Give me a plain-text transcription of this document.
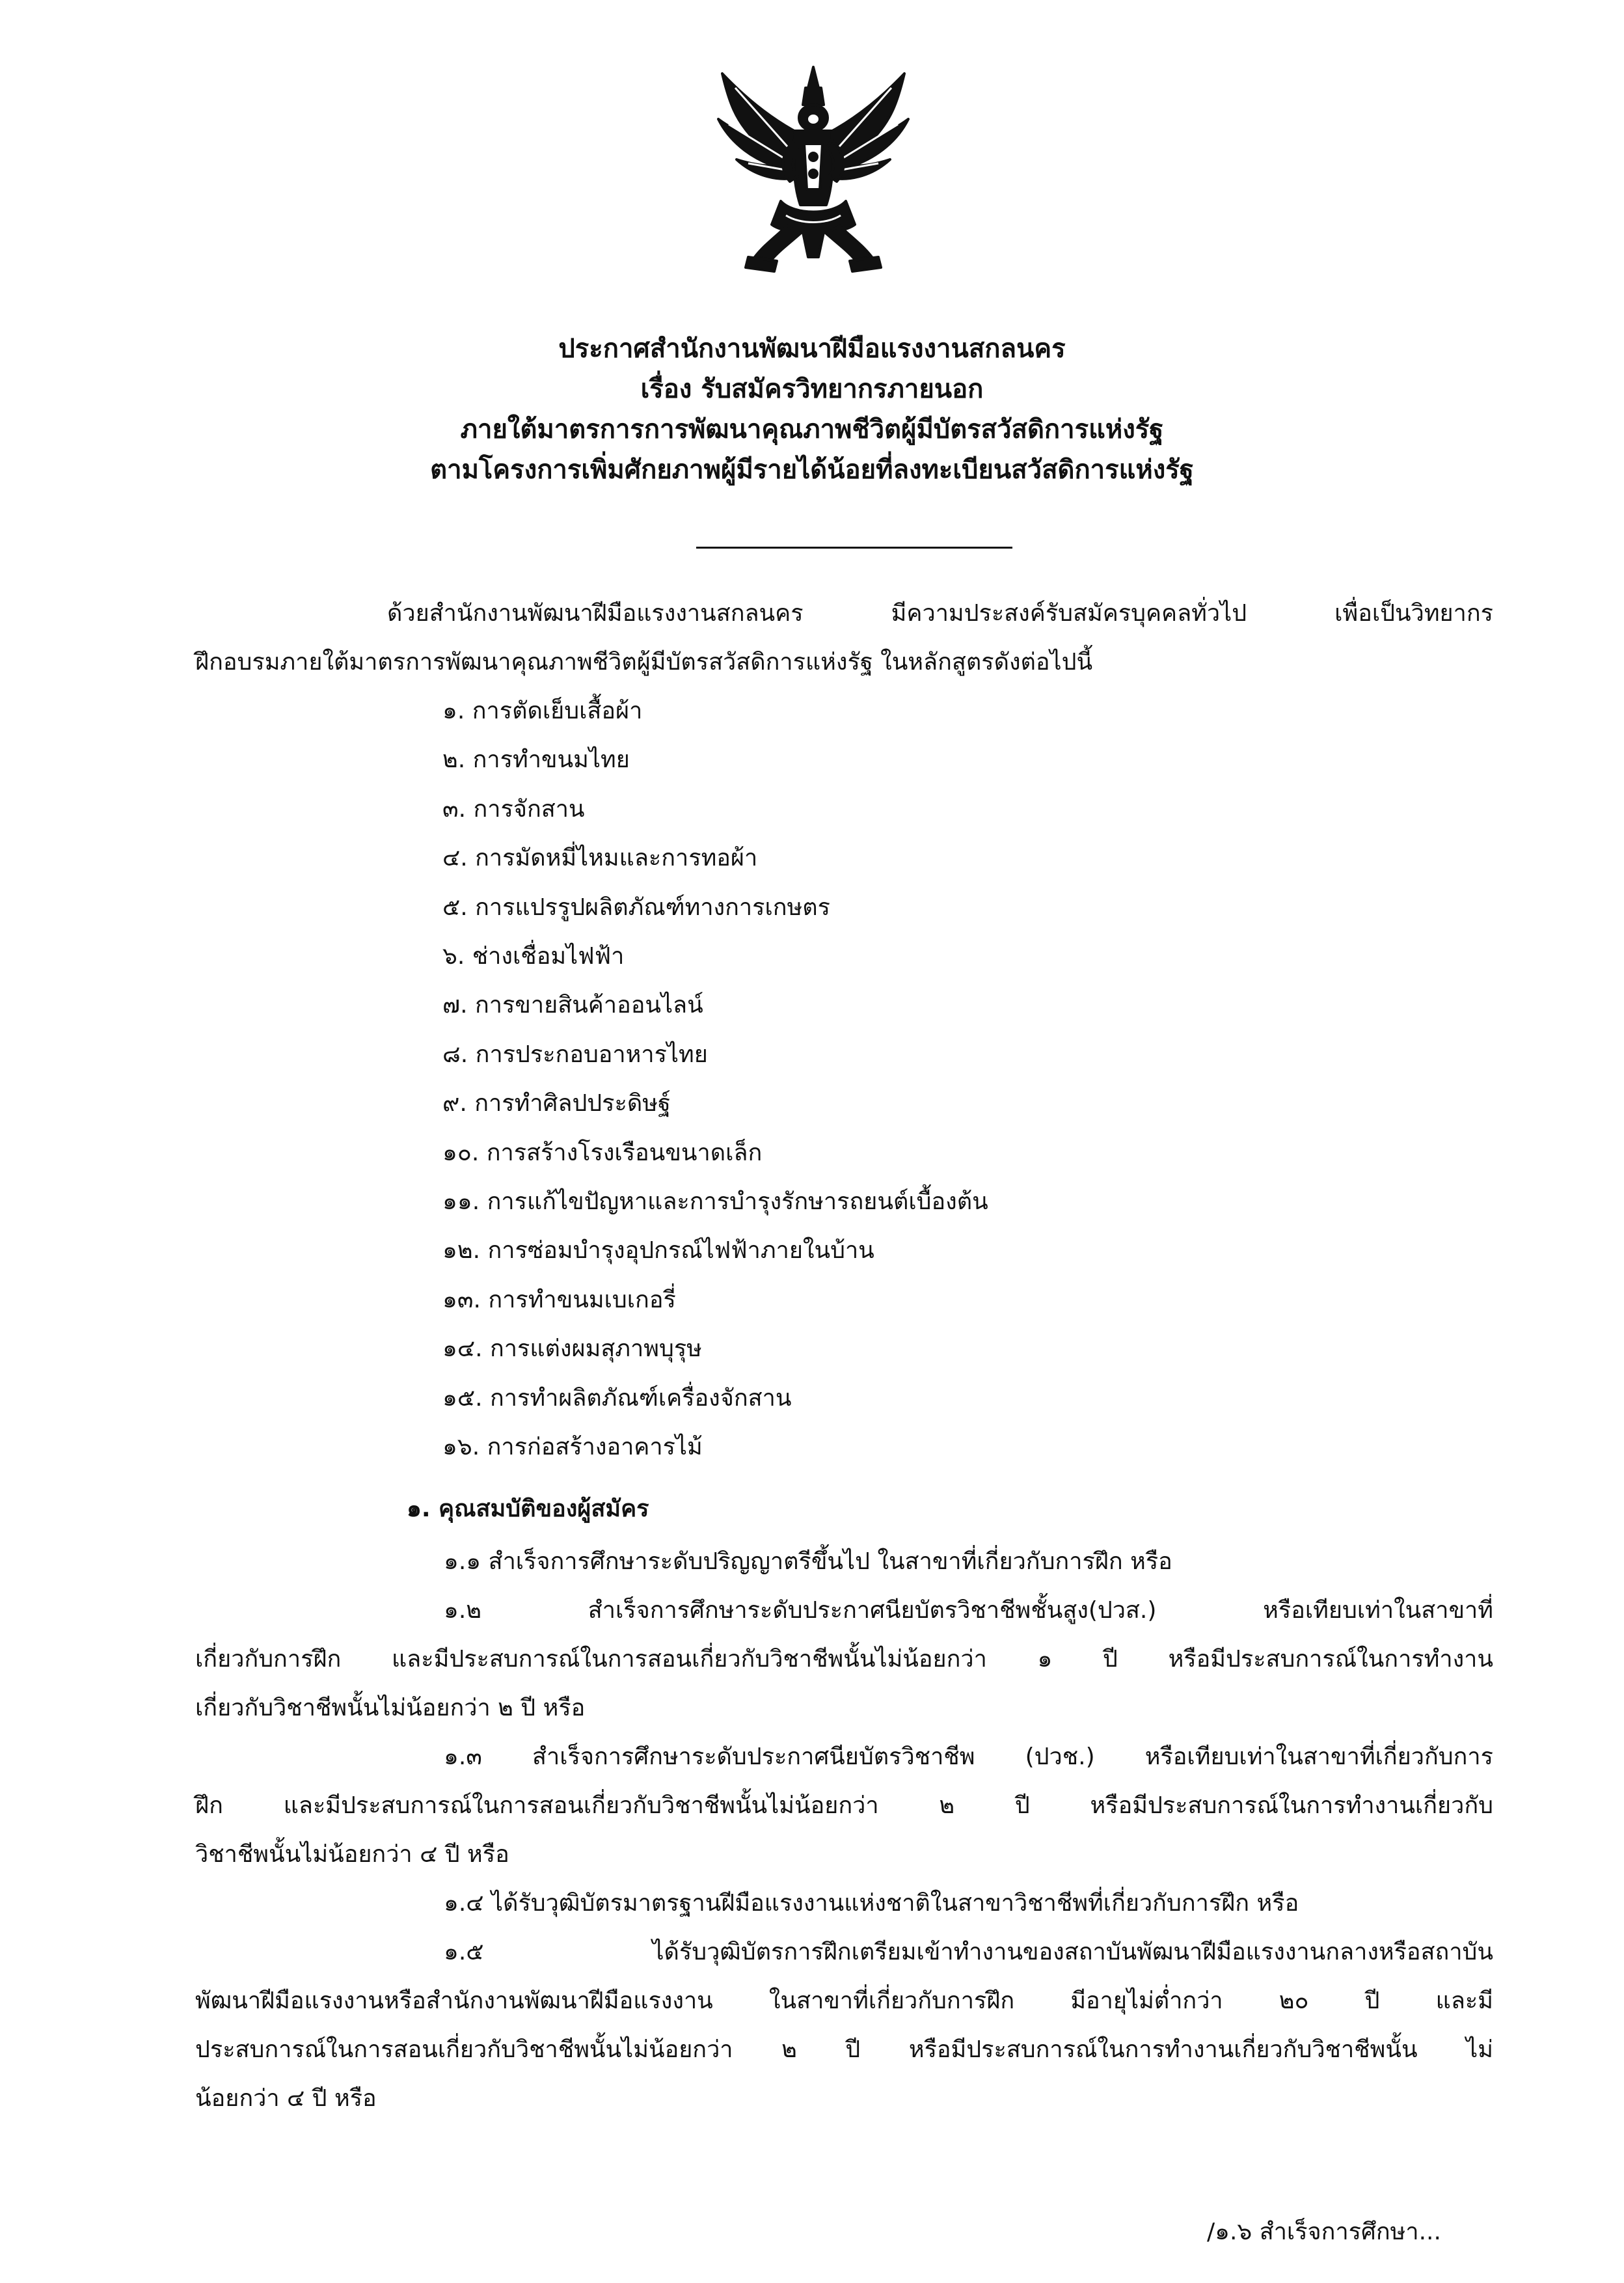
ประกาศสำนักงานพัฒนาฝีมือแรงงานสกลนคร
เรื่อง รับสมัครวิทยากรภายนอก
ภายใต้มาตรการการพัฒนาคุณภาพชีวิตผู้มีบัตรสวัสดิการแห่งรัฐ
ตามโครงการเพิ่มศักยภาพผู้มีรายได้น้อยที่ลงทะเบียนสวัสดิการแห่งรัฐ
ด้วยสำนักงานพัฒนาฝีมือแรงงานสกลนคร มีความประสงค์รับสมัครบุคคลทั่วไป เพื่อเป็นวิทยากร
ฝึกอบรมภายใต้มาตรการพัฒนาคุณภาพชีวิตผู้มีบัตรสวัสดิการแห่งรัฐ ในหลักสูตรดังต่อไปนี้
๑. การตัดเย็บเสื้อผ้า
๒. การทำขนมไทย
๓. การจักสาน
๔. การมัดหมี่ไหมและการทอผ้า
๕. การแปรรูปผลิตภัณฑ์ทางการเกษตร
๖. ช่างเชื่อมไฟฟ้า
๗. การขายสินค้าออนไลน์
๘. การประกอบอาหารไทย
๙. การทำศิลปประดิษฐ์
๑๐. การสร้างโรงเรือนขนาดเล็ก
๑๑. การแก้ไขปัญหาและการบำรุงรักษารถยนต์เบื้องต้น
๑๒. การซ่อมบำรุงอุปกรณ์ไฟฟ้าภายในบ้าน
๑๓. การทำขนมเบเกอรี่
๑๔. การแต่งผมสุภาพบุรุษ
๑๕. การทำผลิตภัณฑ์เครื่องจักสาน
๑๖. การก่อสร้างอาคารไม้
๑. คุณสมบัติของผู้สมัคร
๑.๑ สำเร็จการศึกษาระดับปริญญาตรีขึ้นไป ในสาขาที่เกี่ยวกับการฝึก หรือ
๑.๒ สำเร็จการศึกษาระดับประกาศนียบัตรวิชาชีพชั้นสูง(ปวส.) หรือเทียบเท่าในสาขาที่
เกี่ยวกับการฝึก และมีประสบการณ์ในการสอนเกี่ยวกับวิชาชีพนั้นไม่น้อยกว่า ๑ ปี หรือมีประสบการณ์ในการทำงาน
เกี่ยวกับวิชาชีพนั้นไม่น้อยกว่า ๒ ปี หรือ
๑.๓ สำเร็จการศึกษาระดับประกาศนียบัตรวิชาชีพ (ปวช.) หรือเทียบเท่าในสาขาที่เกี่ยวกับการ
ฝึก และมีประสบการณ์ในการสอนเกี่ยวกับวิชาชีพนั้นไม่น้อยกว่า ๒ ปี หรือมีประสบการณ์ในการทำงานเกี่ยวกับ
วิชาชีพนั้นไม่น้อยกว่า ๔ ปี หรือ
๑.๔ ได้รับวุฒิบัตรมาตรฐานฝีมือแรงงานแห่งชาติในสาขาวิชาชีพที่เกี่ยวกับการฝึก หรือ
๑.๕ ได้รับวุฒิบัตรการฝึกเตรียมเข้าทำงานของสถาบันพัฒนาฝีมือแรงงานกลางหรือสถาบัน
พัฒนาฝีมือแรงงานหรือสำนักงานพัฒนาฝีมือแรงงาน ในสาขาที่เกี่ยวกับการฝึก มีอายุไม่ต่ำกว่า ๒๐ ปี และมี
ประสบการณ์ในการสอนเกี่ยวกับวิชาชีพนั้นไม่น้อยกว่า ๒ ปี หรือมีประสบการณ์ในการทำงานเกี่ยวกับวิชาชีพนั้น ไม่
น้อยกว่า ๔ ปี หรือ
/๑.๖ สำเร็จการศึกษา...
